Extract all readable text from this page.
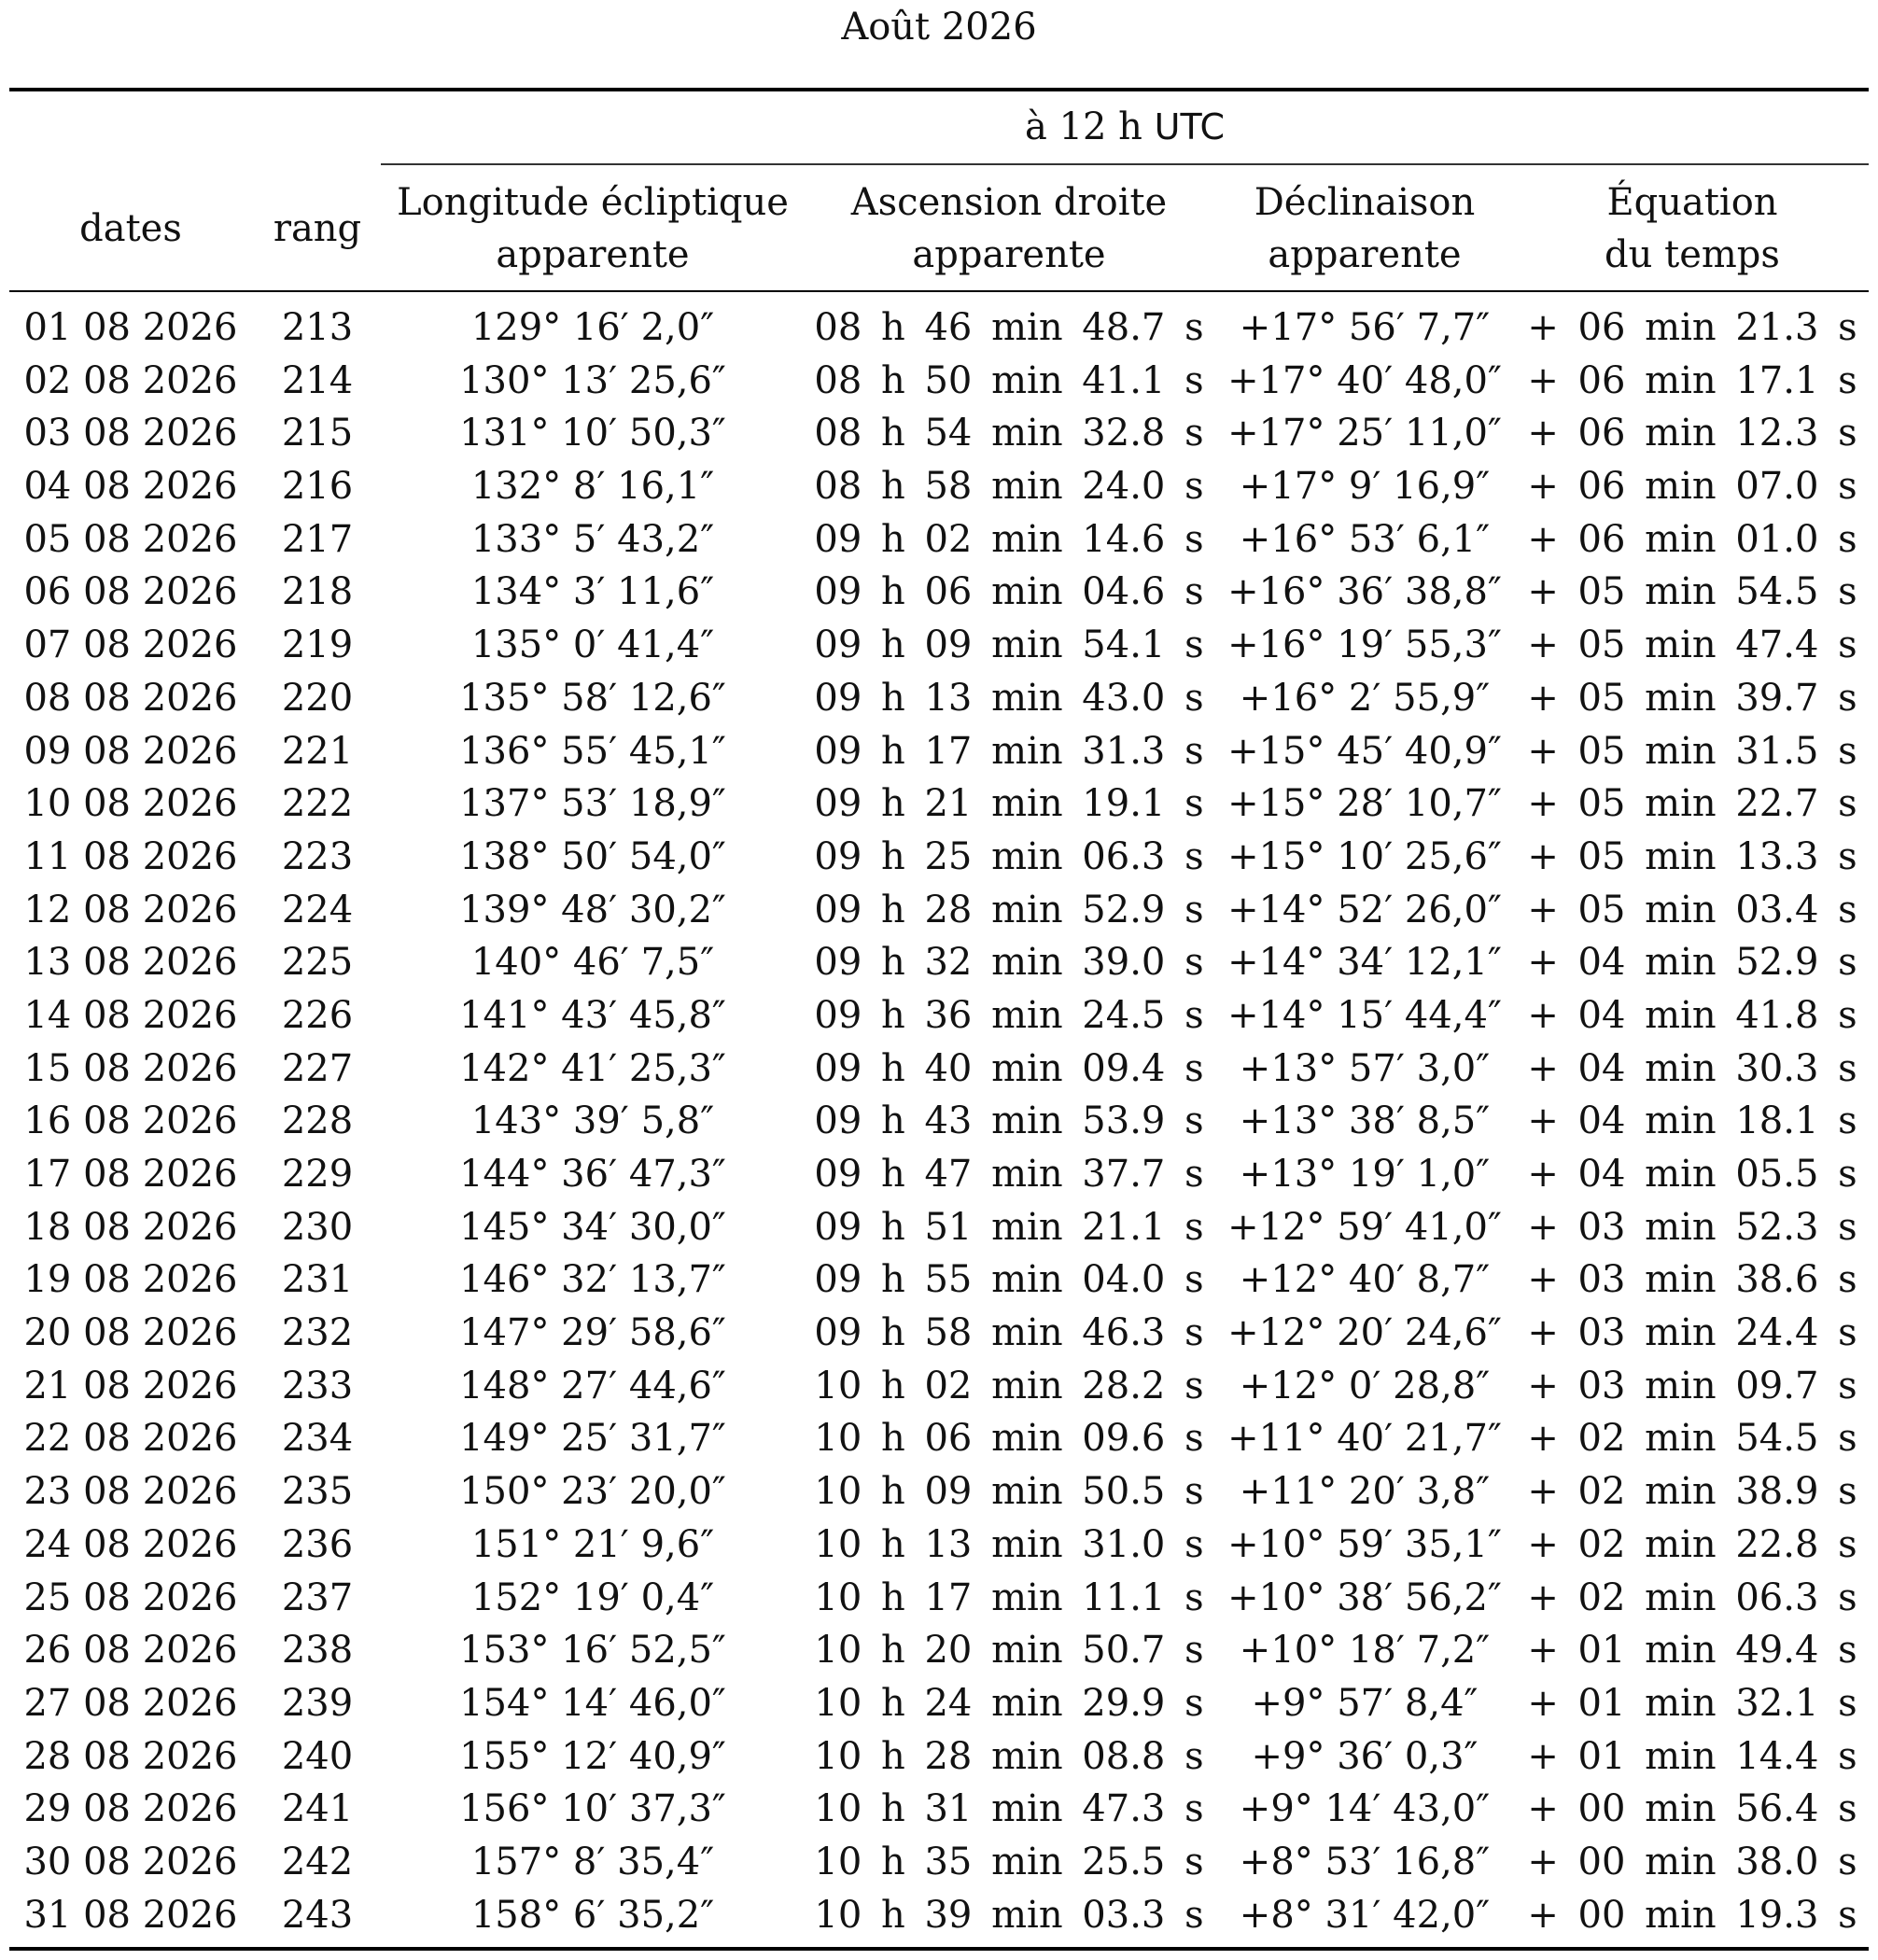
Août 2026
à 12 h UTC
dates	rang
Longitude écliptique
apparente
Ascension droite
apparente
Déclinaison
apparente
Équation
du temps
01 08 2026	213	129° 16′ 2,0″	08 h 46 min 48.7 s +17° 56′ 7,7″	+ 06 min 21.3 s
02 08 2026	214	130° 13′ 25,6″	08 h 50 min 41.1 s +17° 40′ 48,0″ + 06 min 17.1 s
03 08 2026	215	131° 10′ 50,3″	08 h 54 min 32.8 s +17° 25′ 11,0″ + 06 min 12.3 s
04 08 2026	216	132° 8′ 16,1″	08 h 58 min 24.0 s +17° 9′ 16,9″	+ 06 min 07.0 s
05 08 2026	217	133° 5′ 43,2″	09 h 02 min 14.6 s +16° 53′ 6,1″	+ 06 min 01.0 s
06 08 2026	218	134° 3′ 11,6″	09 h 06 min 04.6 s +16° 36′ 38,8″ + 05 min 54.5 s
07 08 2026	219	135° 0′ 41,4″	09 h 09 min 54.1 s +16° 19′ 55,3″ + 05 min 47.4 s
08 08 2026	220	135° 58′ 12,6″	09 h 13 min 43.0 s +16° 2′ 55,9″	+ 05 min 39.7 s
09 08 2026	221	136° 55′ 45,1″	09 h 17 min 31.3 s +15° 45′ 40,9″ + 05 min 31.5 s
10 08 2026	222	137° 53′ 18,9″	09 h 21 min 19.1 s +15° 28′ 10,7″ + 05 min 22.7 s
11 08 2026	223	138° 50′ 54,0″	09 h 25 min 06.3 s +15° 10′ 25,6″ + 05 min 13.3 s
12 08 2026	224	139° 48′ 30,2″	09 h 28 min 52.9 s +14° 52′ 26,0″ + 05 min 03.4 s
13 08 2026	225	140° 46′ 7,5″	09 h 32 min 39.0 s +14° 34′ 12,1″ + 04 min 52.9 s
14 08 2026	226	141° 43′ 45,8″	09 h 36 min 24.5 s +14° 15′ 44,4″ + 04 min 41.8 s
15 08 2026	227	142° 41′ 25,3″	09 h 40 min 09.4 s +13° 57′ 3,0″	+ 04 min 30.3 s
16 08 2026	228	143° 39′ 5,8″	09 h 43 min 53.9 s +13° 38′ 8,5″	+ 04 min 18.1 s
17 08 2026	229	144° 36′ 47,3″	09 h 47 min 37.7 s +13° 19′ 1,0″	+ 04 min 05.5 s
18 08 2026	230	145° 34′ 30,0″	09 h 51 min 21.1 s +12° 59′ 41,0″ + 03 min 52.3 s
19 08 2026	231	146° 32′ 13,7″	09 h 55 min 04.0 s +12° 40′ 8,7″	+ 03 min 38.6 s
20 08 2026	232	147° 29′ 58,6″	09 h 58 min 46.3 s +12° 20′ 24,6″ + 03 min 24.4 s
21 08 2026	233	148° 27′ 44,6″	10 h 02 min 28.2 s +12° 0′ 28,8″	+ 03 min 09.7 s
22 08 2026	234	149° 25′ 31,7″	10 h 06 min 09.6 s +11° 40′ 21,7″ + 02 min 54.5 s
23 08 2026	235	150° 23′ 20,0″	10 h 09 min 50.5 s +11° 20′ 3,8″	+ 02 min 38.9 s
24 08 2026	236	151° 21′ 9,6″	10 h 13 min 31.0 s +10° 59′ 35,1″ + 02 min 22.8 s
25 08 2026	237	152° 19′ 0,4″	10 h 17 min 11.1 s +10° 38′ 56,2″ + 02 min 06.3 s
26 08 2026	238	153° 16′ 52,5″	10 h 20 min 50.7 s +10° 18′ 7,2″	+ 01 min 49.4 s
27 08 2026	239	154° 14′ 46,0″	10 h 24 min 29.9 s	+9° 57′ 8,4″	+ 01 min 32.1 s
28 08 2026	240	155° 12′ 40,9″	10 h 28 min 08.8 s	+9° 36′ 0,3″	+ 01 min 14.4 s
29 08 2026	241	156° 10′ 37,3″	10 h 31 min 47.3 s +9° 14′ 43,0″	+ 00 min 56.4 s
30 08 2026	242	157° 8′ 35,4″	10 h 35 min 25.5 s +8° 53′ 16,8″	+ 00 min 38.0 s
31 08 2026	243	158° 6′ 35,2″	10 h 39 min 03.3 s +8° 31′ 42,0″	+ 00 min 19.3 s
